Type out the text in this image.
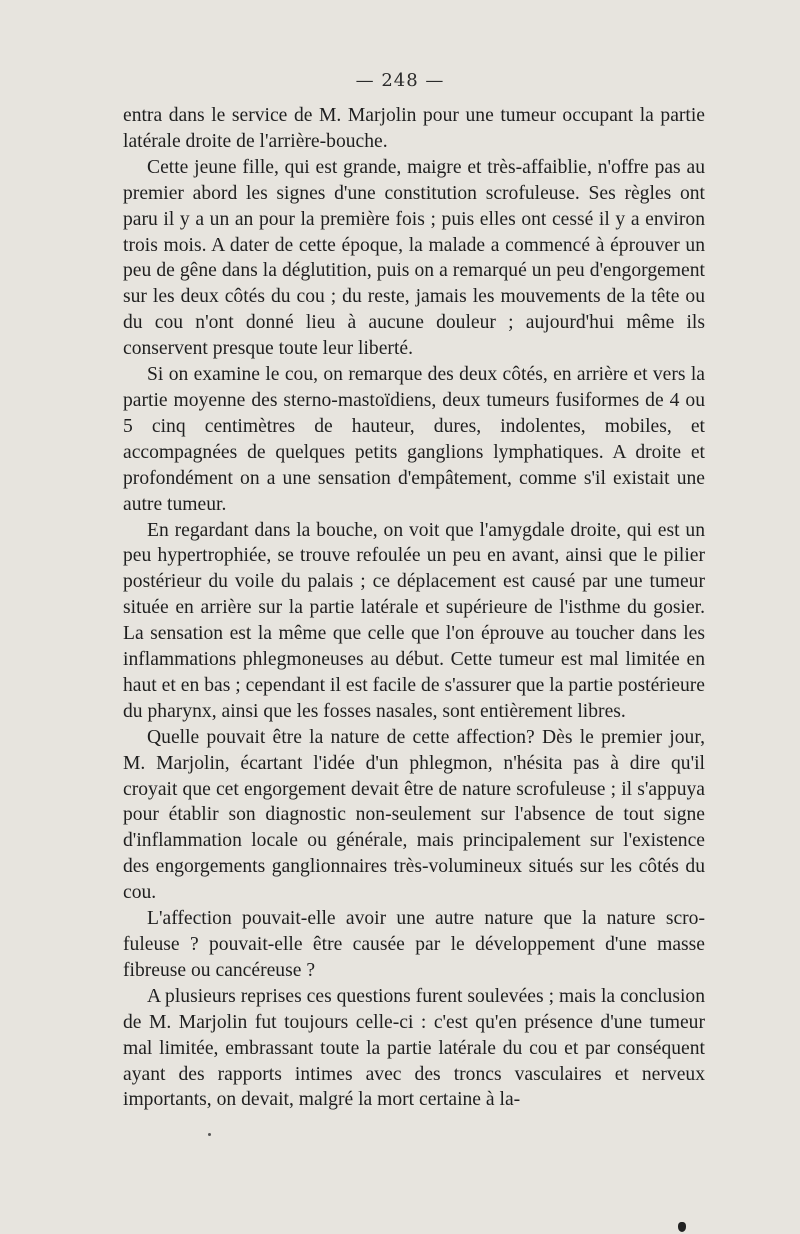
— 248 —

entra dans le service de M. Marjolin pour une tumeur occupant la partie latérale droite de l'arrière-bouche.

Cette jeune fille, qui est grande, maigre et très-affaiblie, n'offre pas au premier abord les signes d'une constitution scrofuleuse. Ses règles ont paru il y a un an pour la première fois ; puis elles ont cessé il y a environ trois mois. A dater de cette époque, la malade a commencé à éprouver un peu de gêne dans la déglutition, puis on a remarqué un peu d'engorgement sur les deux côtés du cou ; du reste, jamais les mouvements de la tête ou du cou n'ont donné lieu à aucune douleur ; aujourd'hui même ils conservent presque toute leur liberté.

Si on examine le cou, on remarque des deux côtés, en arrière et vers la partie moyenne des sterno-mastoïdiens, deux tumeurs fusiformes de 4 ou 5 cinq centimètres de hauteur, dures, indolentes, mobiles, et accompagnées de quelques petits ganglions lymphatiques. A droite et profondément on a une sensation d'empâtement, comme s'il existait une autre tumeur.

En regardant dans la bouche, on voit que l'amygdale droite, qui est un peu hypertrophiée, se trouve refoulée un peu en avant, ainsi que le pilier postérieur du voile du palais ; ce déplacement est causé par une tumeur située en arrière sur la partie latérale et supérieure de l'isthme du gosier. La sensation est la même que celle que l'on éprouve au toucher dans les inflammations phlegmoneuses au début. Cette tumeur est mal limitée en haut et en bas ; cependant il est facile de s'assurer que la partie postérieure du pharynx, ainsi que les fosses nasales, sont entièrement libres.

Quelle pouvait être la nature de cette affection? Dès le premier jour, M. Marjolin, écartant l'idée d'un phlegmon, n'hésita pas à dire qu'il croyait que cet engorgement devait être de nature scrofuleuse ; il s'appuya pour établir son diagnostic non-seulement sur l'absence de tout signe d'inflammation locale ou générale, mais principalement sur l'existence des engorgements ganglionnaires très-volumineux situés sur les côtés du cou.

L'affection pouvait-elle avoir une autre nature que la nature scrofuleuse ? pouvait-elle être causée par le développement d'une masse fibreuse ou cancéreuse ?

A plusieurs reprises ces questions furent soulevées ; mais la conclusion de M. Marjolin fut toujours celle-ci : c'est qu'en présence d'une tumeur mal limitée, embrassant toute la partie latérale du cou et par conséquent ayant des rapports intimes avec des troncs vasculaires et nerveux importants, on devait, malgré la mort certaine à la-
